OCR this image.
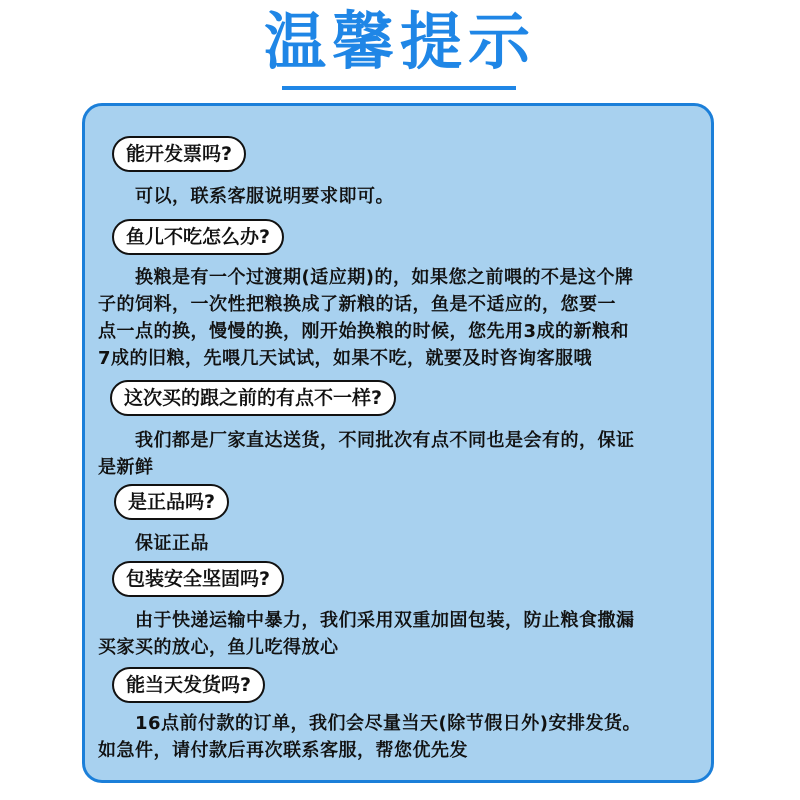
温馨提示
能开发票吗?
可以，联系客服说明要求即可。
鱼儿不吃怎么办?
换粮是有一个过渡期(适应期)的，如果您之前喂的不是这个牌
子的饲料，一次性把粮换成了新粮的话，鱼是不适应的，您要一
点一点的换，慢慢的换，刚开始换粮的时候，您先用3成的新粮和
7成的旧粮，先喂几天试试，如果不吃，就要及时咨询客服哦
这次买的跟之前的有点不一样?
我们都是厂家直达送货，不同批次有点不同也是会有的，保证
是新鲜
是正品吗?
保证正品
包装安全坚固吗?
由于快递运输中暴力，我们采用双重加固包装，防止粮食撒漏
买家买的放心，鱼儿吃得放心
能当天发货吗?
16点前付款的订单，我们会尽量当天(除节假日外)安排发货。
如急件，请付款后再次联系客服，帮您优先发
